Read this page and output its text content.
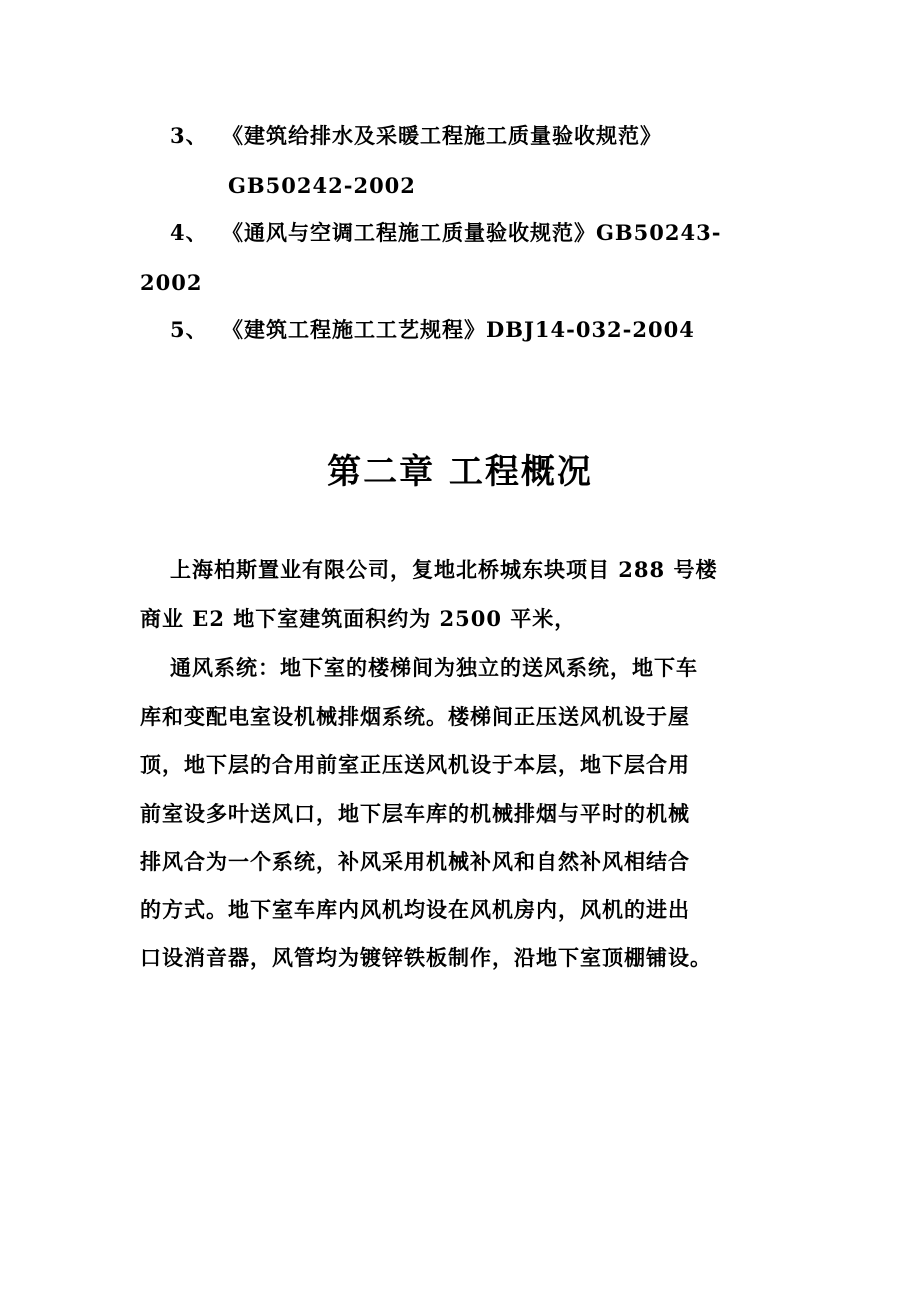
3、 《建筑给排水及采暖工程施工质量验收规范》
GB50242-2002
4、 《通风与空调工程施工质量验收规范》GB50243-
2002
5、 《建筑工程施工工艺规程》DBJ14-032-2004
第二章 工程概况
上海柏斯置业有限公司，复地北桥城东块项目 288 号楼
商业 E2 地下室建筑面积约为 2500 平米，
通风系统：地下室的楼梯间为独立的送风系统，地下车
库和变配电室设机械排烟系统。楼梯间正压送风机设于屋
顶，地下层的合用前室正压送风机设于本层，地下层合用
前室设多叶送风口，地下层车库的机械排烟与平时的机械
排风合为一个系统，补风采用机械补风和自然补风相结合
的方式。地下室车库内风机均设在风机房内，风机的进出
口设消音器，风管均为镀锌铁板制作，沿地下室顶棚铺设。
